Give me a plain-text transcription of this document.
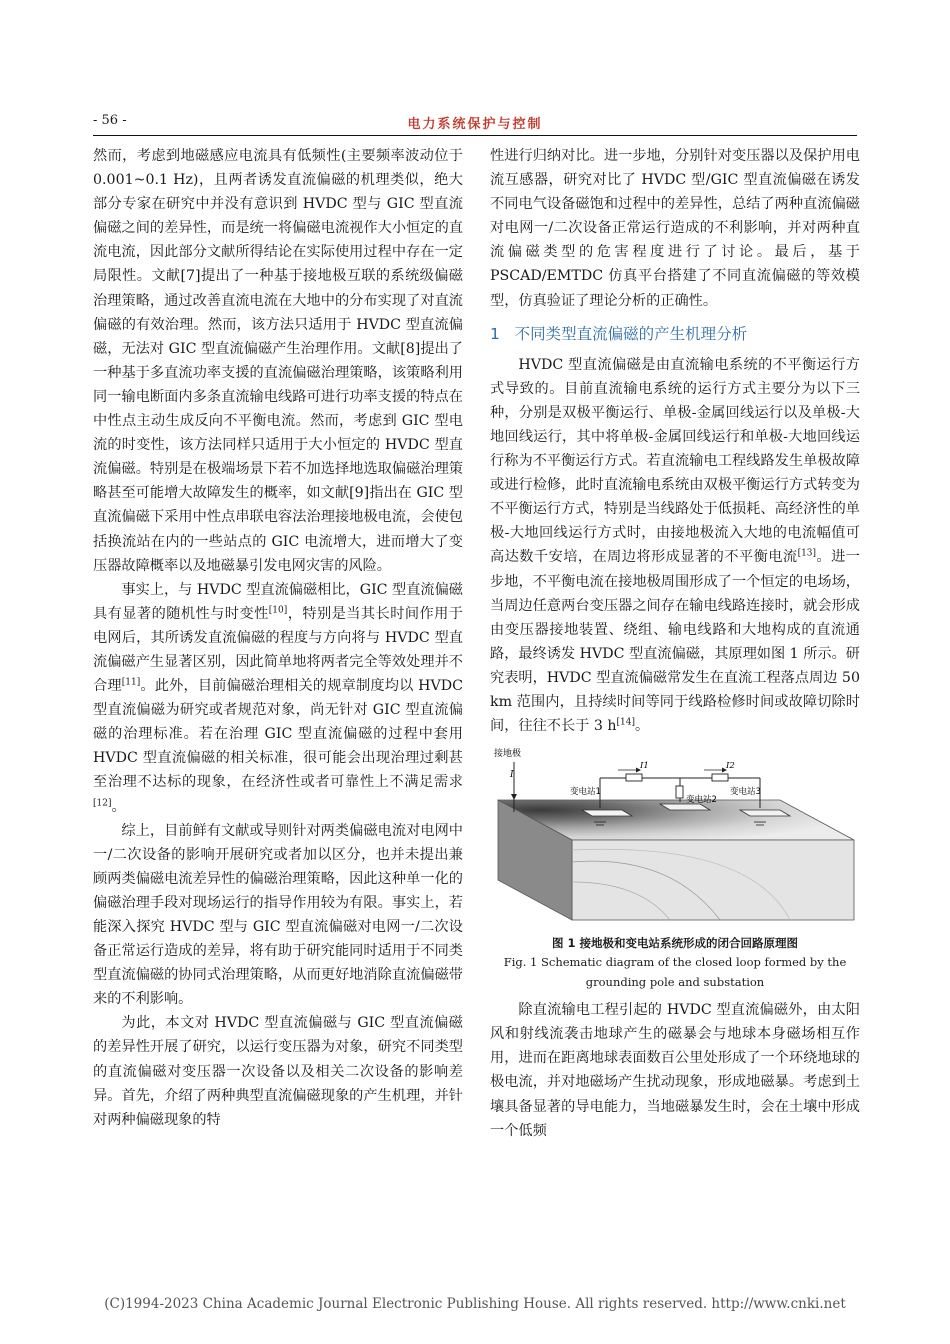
- 56 -	电力系统保护与控制

然而，考虑到地磁感应电流具有低频性(主要频率波动位于 0.001~0.1 Hz)，且两者诱发直流偏磁的机理类似，绝大部分专家在研究中并没有意识到 HVDC 型与 GIC 型直流偏磁之间的差异性，而是统一将偏磁电流视作大小恒定的直流电流，因此部分文献所得结论在实际使用过程中存在一定局限性。文献[7]提出了一种基于接地极互联的系统级偏磁治理策略，通过改善直流电流在大地中的分布实现了对直流偏磁的有效治理。然而，该方法只适用于 HVDC 型直流偏磁，无法对 GIC 型直流偏磁产生治理作用。文献[8]提出了一种基于多直流功率支援的直流偏磁治理策略，该策略利用同一输电断面内多条直流输电线路可进行功率支援的特点在中性点主动生成反向不平衡电流。然而，考虑到 GIC 型电流的时变性，该方法同样只适用于大小恒定的 HVDC 型直流偏磁。特别是在极端场景下若不加选择地选取偏磁治理策略甚至可能增大故障发生的概率，如文献[9]指出在 GIC 型直流偏磁下采用中性点串联电容法治理接地极电流，会使包括换流站在内的一些站点的 GIC 电流增大，进而增大了变压器故障概率以及地磁暴引发电网灾害的风险。

事实上，与 HVDC 型直流偏磁相比，GIC 型直流偏磁具有显著的随机性与时变性[10]，特别是当其长时间作用于电网后，其所诱发直流偏磁的程度与方向将与 HVDC 型直流偏磁产生显著区别，因此简单地将两者完全等效处理并不合理[11]。此外，目前偏磁治理相关的规章制度均以 HVDC 型直流偏磁为研究或者规范对象，尚无针对 GIC 型直流偏磁的治理标准。若在治理 GIC 型直流偏磁的过程中套用 HVDC 型直流偏磁的相关标准，很可能会出现治理过剩甚至治理不达标的现象，在经济性或者可靠性上不满足需求[12]。

综上，目前鲜有文献或导则针对两类偏磁电流对电网中一/二次设备的影响开展研究或者加以区分，也并未提出兼顾两类偏磁电流差异性的偏磁治理策略，因此这种单一化的偏磁治理手段对现场运行的指导作用较为有限。事实上，若能深入探究 HVDC 型与 GIC 型直流偏磁对电网一/二次设备正常运行造成的差异，将有助于研究能同时适用于不同类型直流偏磁的协同式治理策略，从而更好地消除直流偏磁带来的不利影响。

为此，本文对 HVDC 型直流偏磁与 GIC 型直流偏磁的差异性开展了研究，以运行变压器为对象，研究不同类型的直流偏磁对变压器一次设备以及相关二次设备的影响差异。首先，介绍了两种典型直流偏磁现象的产生机理，并针对两种偏磁现象的特

性进行归纳对比。进一步地，分别针对变压器以及保护用电流互感器，研究对比了 HVDC 型/GIC 型直流偏磁在诱发不同电气设备磁饱和过程中的差异性，总结了两种直流偏磁对电网一/二次设备正常运行造成的不利影响，并对两种直流偏磁类型的危害程度进行了讨论。最后，基于 PSCAD/EMTDC 仿真平台搭建了不同直流偏磁的等效模型，仿真验证了理论分析的正确性。

1 不同类型直流偏磁的产生机理分析

HVDC 型直流偏磁是由直流输电系统的不平衡运行方式导致的。目前直流输电系统的运行方式主要分为以下三种，分别是双极平衡运行、单极-金属回线运行以及单极-大地回线运行，其中将单极-金属回线运行和单极-大地回线运行称为不平衡运行方式。若直流输电工程线路发生单极故障或进行检修，此时直流输电系统由双极平衡运行方式转变为不平衡运行方式，特别是当线路处于低损耗、高经济性的单极-大地回线运行方式时，由接地极流入大地的电流幅值可高达数千安培，在周边将形成显著的不平衡电流[13]。进一步地，不平衡电流在接地极周围形成了一个恒定的电场场，当周边任意两台变压器之间存在输电线路连接时，就会形成由变压器接地装置、绕组、输电线路和大地构成的直流通路，最终诱发 HVDC 型直流偏磁，其原理如图 1 所示。研究表明，HVDC 型直流偏磁常发生在直流工程落点周边 50 km 范围内，且持续时间等同于线路检修时间或故障切除时间，往往不长于 3 h[14]。

接地极
I
I1	I2
变电站1
变电站2
变电站3
图 1 接地极和变电站系统形成的闭合回路原理图
Fig. 1 Schematic diagram of the closed loop formed by the grounding pole and substation

除直流输电工程引起的 HVDC 型直流偏磁外，由太阳风和射线流袭击地球产生的磁暴会与地球本身磁场相互作用，进而在距离地球表面数百公里处形成了一个环绕地球的极电流，并对地磁场产生扰动现象，形成地磁暴。考虑到土壤具备显著的导电能力，当地磁暴发生时，会在土壤中形成一个低频

(C)1994-2023 China Academic Journal Electronic Publishing House. All rights reserved. http://www.cnki.net
